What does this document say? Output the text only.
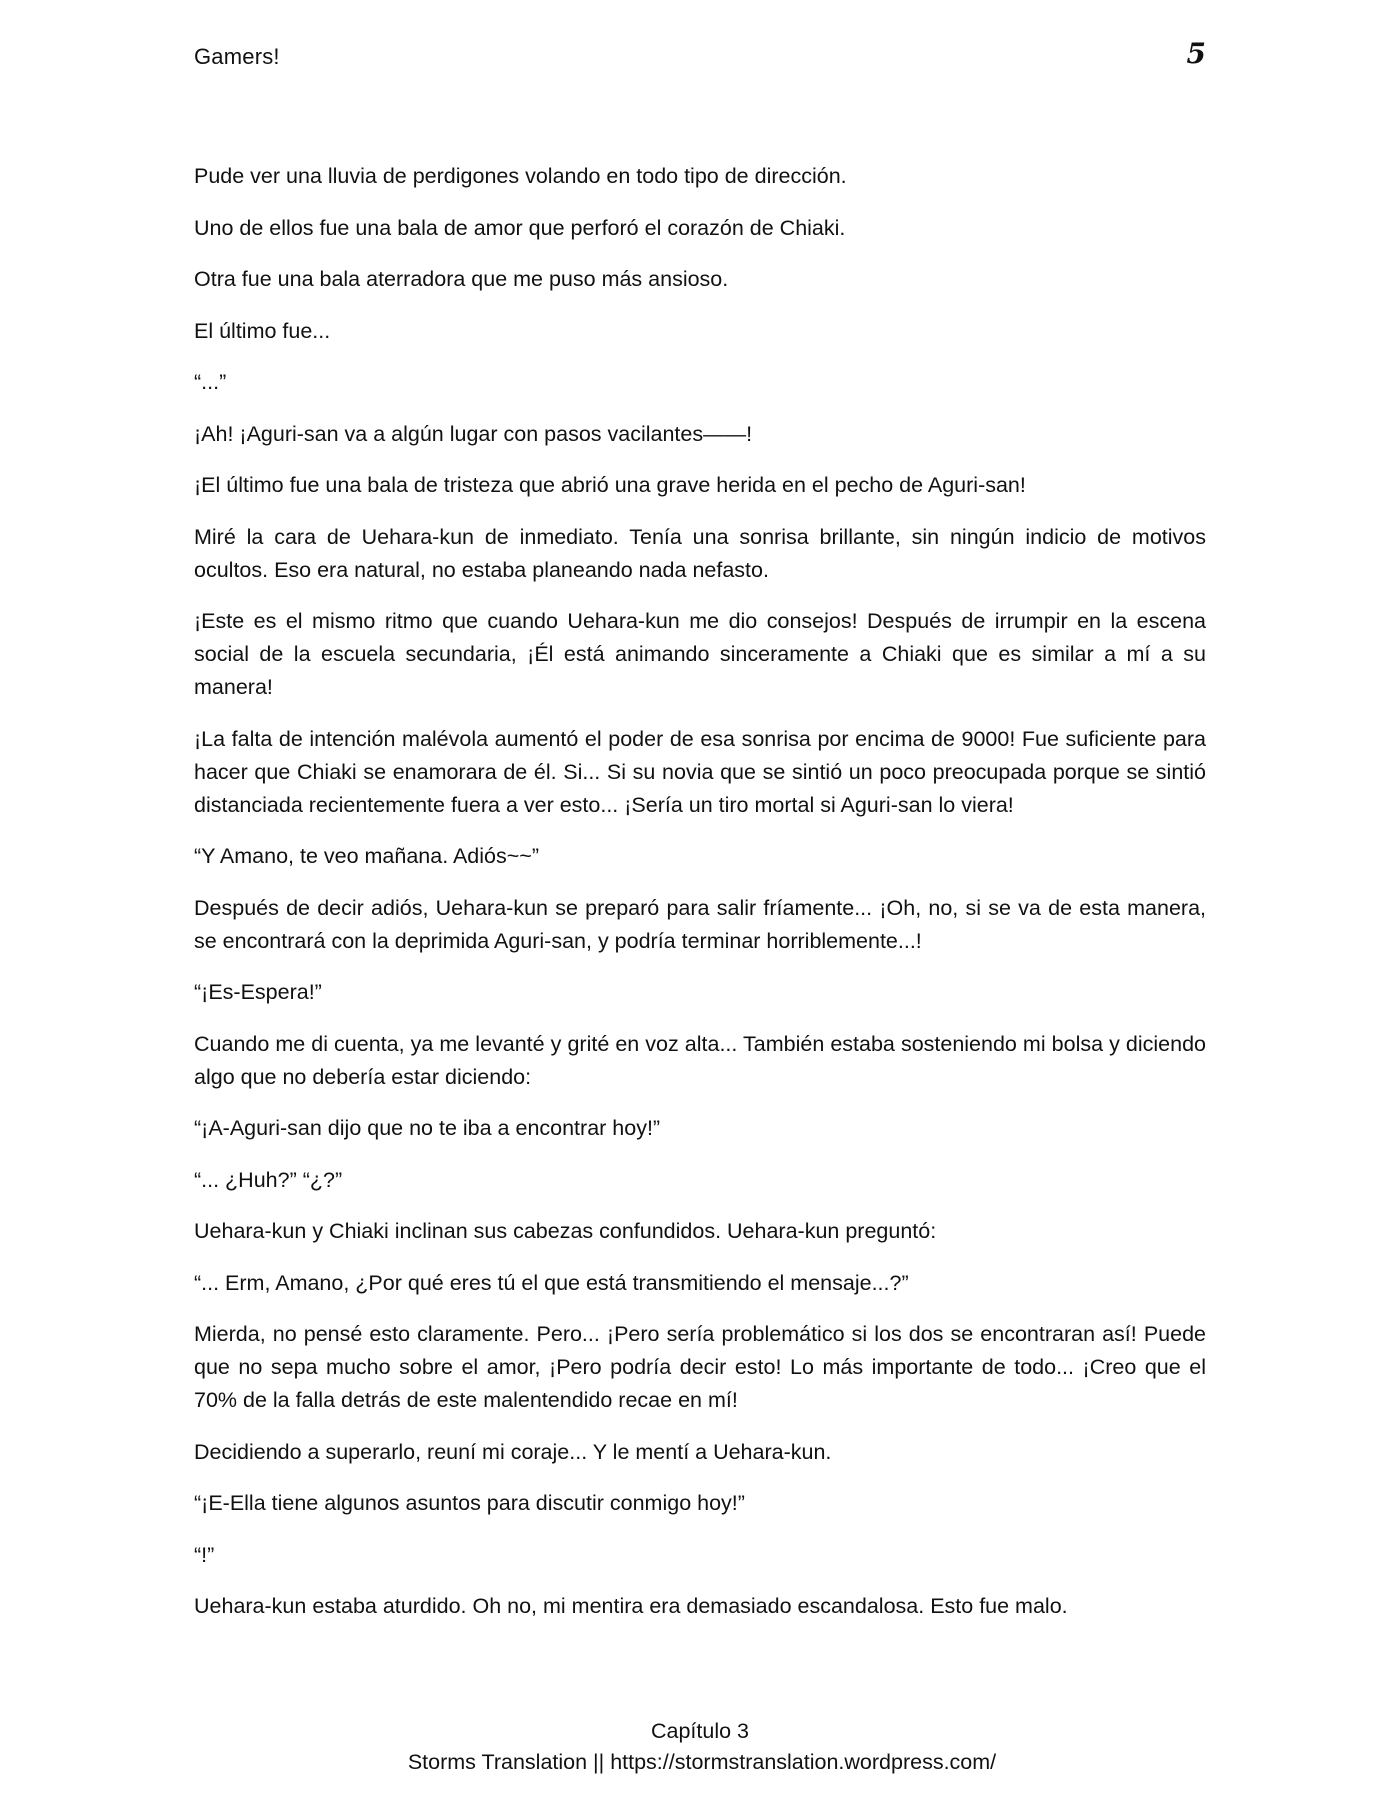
Gamers!	5

Pude ver una lluvia de perdigones volando en todo tipo de dirección.

Uno de ellos fue una bala de amor que perforó el corazón de Chiaki.

Otra fue una bala aterradora que me puso más ansioso.

El último fue...

“...”

¡Ah! ¡Aguri-san va a algún lugar con pasos vacilantes——!

¡El último fue una bala de tristeza que abrió una grave herida en el pecho de Aguri-san!

Miré la cara de Uehara-kun de inmediato. Tenía una sonrisa brillante, sin ningún indicio de motivos ocultos. Eso era natural, no estaba planeando nada nefasto.

¡Este es el mismo ritmo que cuando Uehara-kun me dio consejos! Después de irrumpir en la escena social de la escuela secundaria, ¡Él está animando sinceramente a Chiaki que es similar a mí a su manera!

¡La falta de intención malévola aumentó el poder de esa sonrisa por encima de 9000! Fue suficiente para hacer que Chiaki se enamorara de él. Si... Si su novia que se sintió un poco preocupada porque se sintió distanciada recientemente fuera a ver esto... ¡Sería un tiro mortal si Aguri-san lo viera!

“Y Amano, te veo mañana. Adiós~~”

Después de decir adiós, Uehara-kun se preparó para salir fríamente... ¡Oh, no, si se va de esta manera, se encontrará con la deprimida Aguri-san, y podría terminar horriblemente...!

“¡Es-Espera!”

Cuando me di cuenta, ya me levanté y grité en voz alta... También estaba sosteniendo mi bolsa y diciendo algo que no debería estar diciendo:

“¡A-Aguri-san dijo que no te iba a encontrar hoy!”

“... ¿Huh?” “¿?”

Uehara-kun y Chiaki inclinan sus cabezas confundidos. Uehara-kun preguntó:

“... Erm, Amano, ¿Por qué eres tú el que está transmitiendo el mensaje...?”

Mierda, no pensé esto claramente. Pero... ¡Pero sería problemático si los dos se encontraran así! Puede que no sepa mucho sobre el amor, ¡Pero podría decir esto! Lo más importante de todo... ¡Creo que el 70% de la falla detrás de este malentendido recae en mí!

Decidiendo a superarlo, reuní mi coraje... Y le mentí a Uehara-kun.

“¡E-Ella tiene algunos asuntos para discutir conmigo hoy!”

“!”

Uehara-kun estaba aturdido. Oh no, mi mentira era demasiado escandalosa. Esto fue malo.

Capítulo 3
Storms Translation || https://stormstranslation.wordpress.com/
